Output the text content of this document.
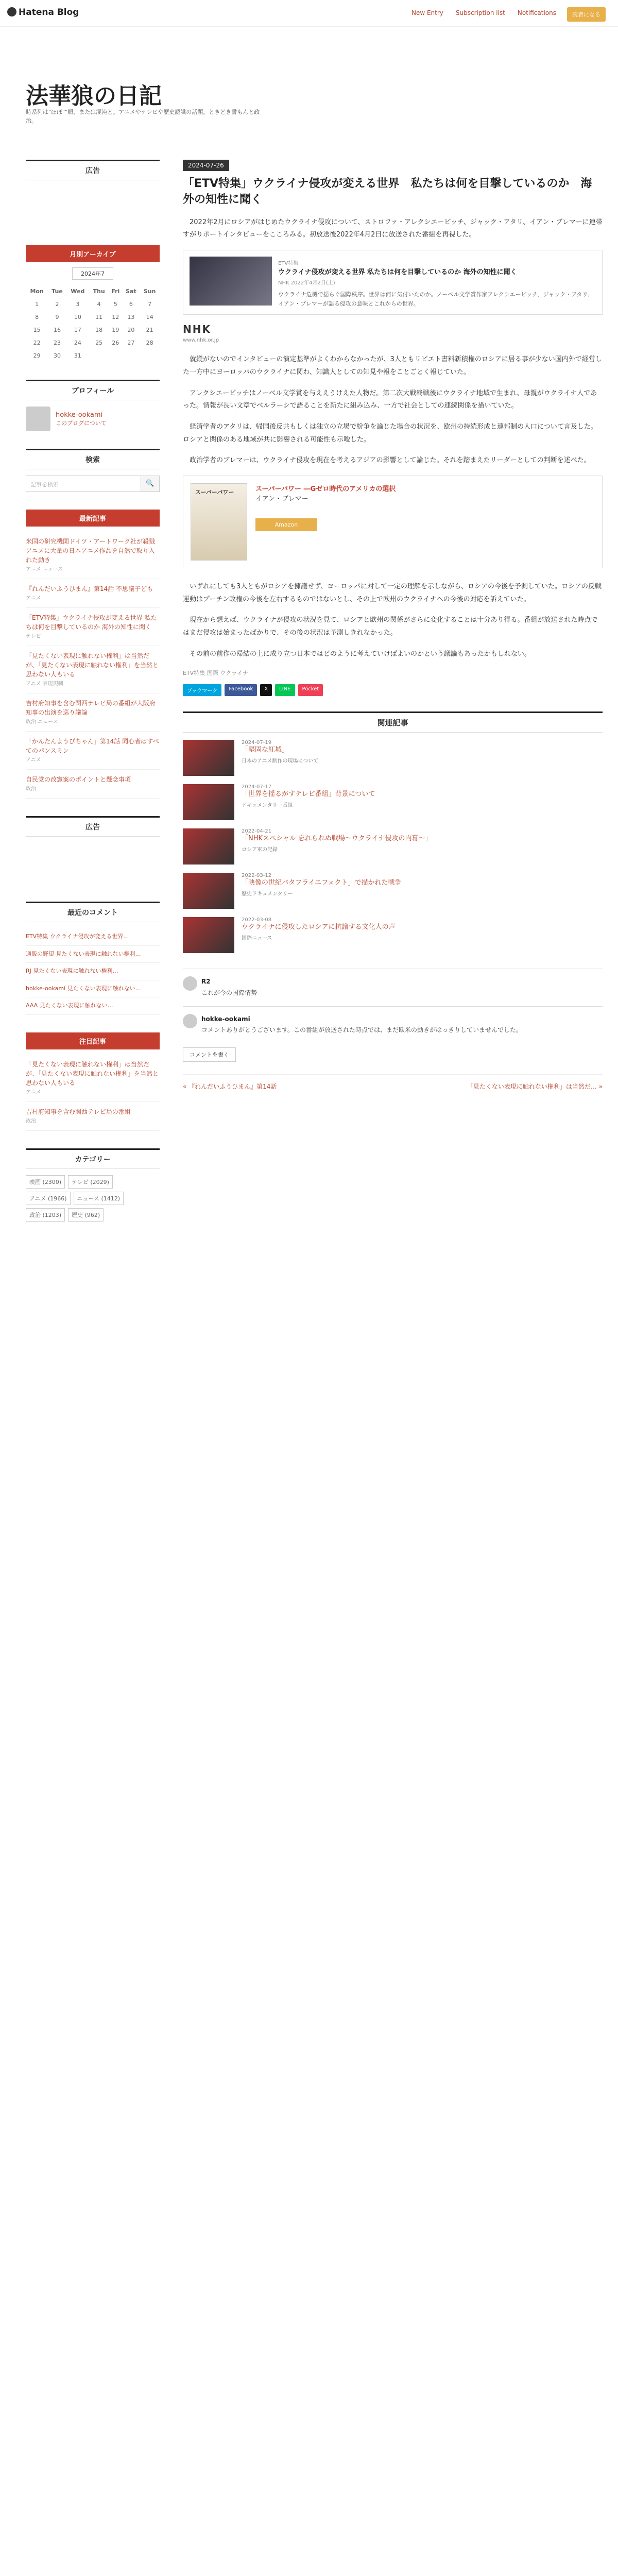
Hatena Blog	New Entry Subscription list Notifications	読者になる
法華狼の日記
時系列は"ほぼ""順、または混沌と。アニメやテレビや歴史認識の話題。ときどき書もんと政治。
広告
月別アーカイブ
2024年7
Mon	Tue	Wed	Thu	Fri	Sat	Sun
1	2	3	4	5	6	7
8	9	10	11	12	13	14
15	16	17	18	19	20	21
22	23	24	25	26	27	28
29	30	31				
プロフィール
hokke-ookami
このブログについて
検索
記事を検索	🔍
最新記事
米国の研究機関ドイツ・アートワーク社が殺戮アニメに大量の日本アニメ作品を自然で取り入れた動き
アニメ ニュース
『れんだいふうひまん』第14話 不思議子ども
アニメ
「ETV特集」ウクライナ侵攻が変える世界 私たちは何を目撃しているのか 海外の知性に聞く
テレビ
「見たくない表現に触れない権利」は当然だが、「見たくない表現に触れない権利」を当然と思わない人もいる
アニメ 表現規制
吉村府知事を含む関西テレビ局の番組が大阪府知事の出演を巡り議論
政治 ニュース
「かんたんようびちゃん」第14話 同心者はすべてのパンスミン
アニメ
自民党の改憲案のポイントと懸念事項
政治
広告
最近のコメント
ETV特集 ウクライナ侵攻が変える世界…
通販の野望 見たくない表現に触れない権利…
RJ 見たくない表現に触れない権利…
hokke-ookami 見たくない表現に触れない…
AAA 見たくない表現に触れない…
注目記事
「見たくない表現に触れない権利」は当然だが、「見たくない表現に触れない権利」を当然と思わない人もいる
アニメ
吉村府知事を含む関西テレビ局の番組
政治
カテゴリー
映画 (2300)	テレビ (2029)
アニメ (1966)	ニュース (1412)
政治 (1203)	歴史 (962)
2024-07-26
「ETV特集」ウクライナ侵攻が変える世界　私たちは何を目撃しているのか　海外の知性に聞く

2022年2月にロシアがはじめたウクライナ侵攻について、ストロファ・アレクシエービッチ、ジャック・アタリ、イアン・ブレマーに連帯すがりポートインタビューをこころみる。初放送後2022年4月2日に放送された番組を再視した。

ETV特集
ウクライナ侵攻が変える世界 私たちは何を目撃しているのか 海外の知性に聞く
NHK 2022年4月2日(土)
ウクライナ危機で揺らぐ国際秩序。世界は何に気付いたのか。ノーベル文学賞作家アレクシエービッチ、ジャック・アタリ、イアン・ブレマーが語る侵攻の意味とこれからの世界。
NHK
www.nhk.or.jp

就縦がないのでインタビューの演定基準がよくわからなかったが、3人ともリビエト書料新積権のロシアに居る事が少ない国内外で経営した一方中にヨーロッパのウクライナに関わ、知識人としての知見や報をことごとく報じていた。

アレクシエービッチはノーベル文学賞を与ええうけえた人物だ。第二次大戦終戦後にウクライナ地域で生まれ、母親がウクライナ人であった。情報が長い文章でベルラーシで語ることを新たに組み込み、一方で社会としての連続関係を描いていた。

経済学者のアタリは、帰国後反共もしくは独立の立場で紛争を論じた場合の状況を、欧州の持続形成と連邦制の人口について言及した。ロシアと関係のある地域が共に影響される可能性も示唆した。

政治学者のブレマーは、ウクライナ侵攻を現在を考えるアジアの影響として論じた。それを踏まえたリーダーとしての判断を述べた。

スーパーパワー	スーパーパワー ―Gゼロ時代のアメリカの選択
イアン・ブレマー
Amazon

いずれにしても3人ともがロシアを擁護せず、ヨーロッパに対して一定の理解を示しながら、ロシアの今後を予測していた。ロシアの反戦運動はプーチン政権の今後を左右するものではないとし、その上で欧州のウクライナへの今後の対応を訴えていた。

現在から想えば、ウクライナが侵攻の状況を見て、ロシアと欧州の関係がさらに変化することは十分あり得る。番組が放送された時点ではまだ侵攻は始まったばかりで、その後の状況は予測しきれなかった。

その前の前作の帰結の上に成り立つ日本ではどのように考えていけばよいのかという議論もあったかもしれない。

ETV特集 国際 ウクライナ
ブックマーク	Facebook	X	LINE	Pocket
関連記事
2024-07-19
「堅固な紅城」
日本のアニメ制作の現場について
2024-07-17
「世界を揺るがすテレビ番組」背景について
ドキュメンタリー番組
2022-04-21
「NHKスペシャル 忘れられぬ戦場～ウクライナ侵攻の内幕～」
ロシア軍の記録
2022-03-12
「映像の世紀バタフライエフェクト」で描かれた戦争
歴史ドキュメンタリー
2022-03-08
ウクライナに侵攻したロシアに抗議する文化人の声
国際ニュース
R2
これが今の国際情勢
hokke-ookami
コメントありがとうございます。この番組が放送された時点では、まだ欧米の動きがはっきりしていませんでした。
コメントを書く
« 『れんだいふうひまん』第14話	「見たくない表現に触れない権利」は当然だ… »
